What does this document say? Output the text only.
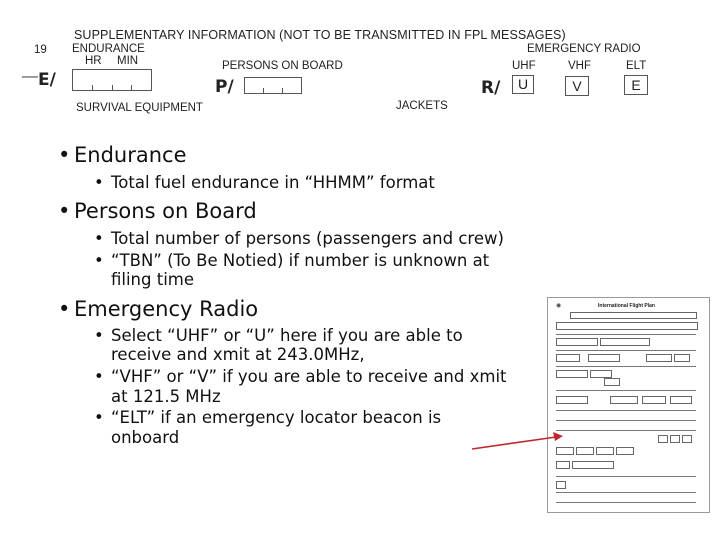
19
SUPPLEMENTARY INFORMATION (NOT TO BE TRANSMITTED IN FPL MESSAGES)
ENDURANCE
HR MIN
— E/
PERSONS ON BOARD
P/
SURVIVAL EQUIPMENT	JACKETS
EMERGENCY RADIO
UHF	VHF	ELT
R/	U	V	E
• Endurance
• Total fuel endurance in “HHMM” format
• Persons on Board
• Total number of persons (passengers and crew)
• “TBN” (To Be Notied) if number is unknown at
filing time
• Emergency Radio
• Select “UHF” or “U” here if you are able to
receive and xmit at 243.0MHz,
• “VHF” or “V” if you are able to receive and xmit
at 121.5 MHz
• “ELT” if an emergency locator beacon is
onboard
International Flight Plan
◉
